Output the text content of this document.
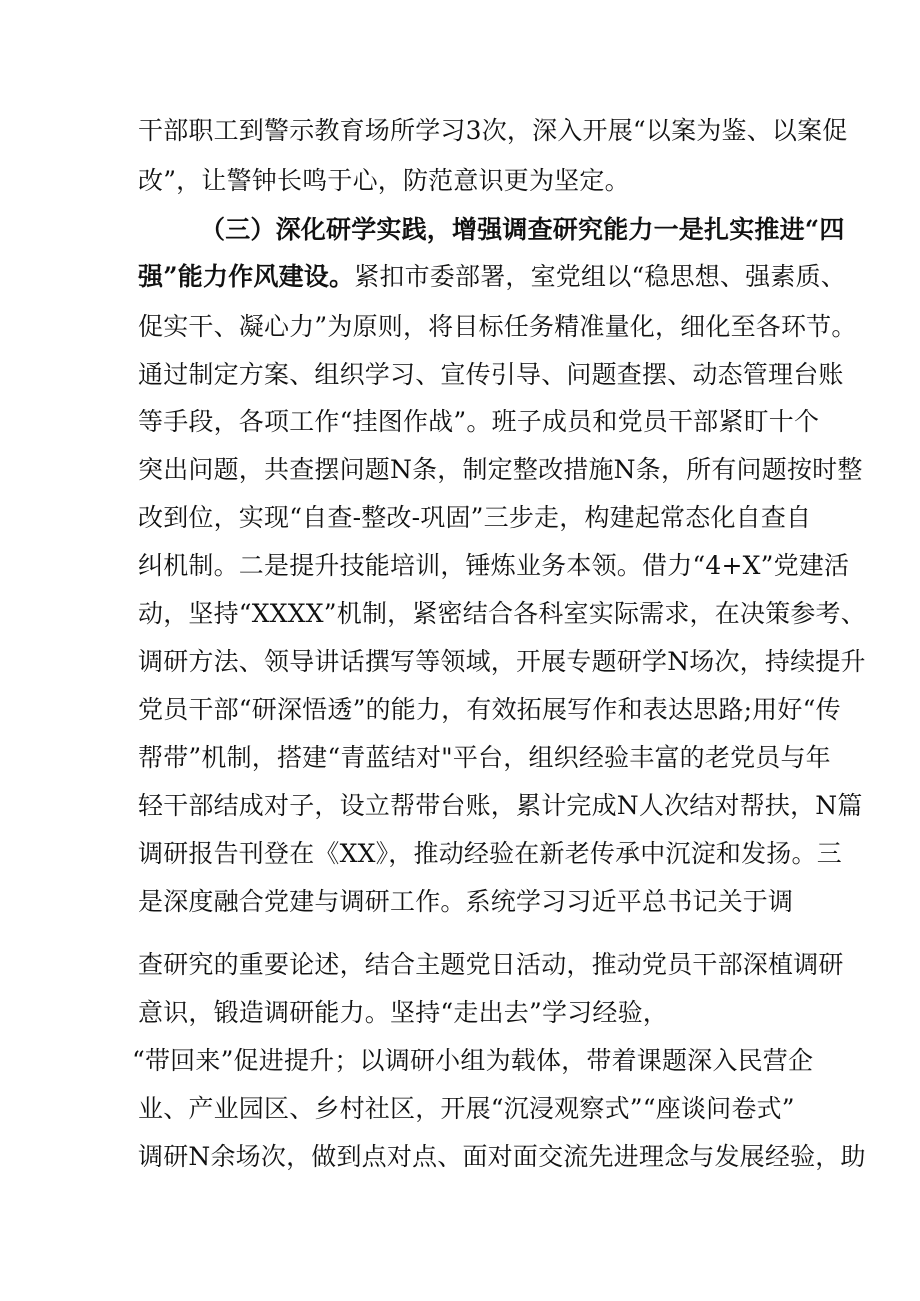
干部职工到警示教育场所学习3次，深入开展“以案为鉴、以案促
改”，让警钟长鸣于心，防范意识更为坚定。
（三）深化研学实践，增强调查研究能力一是扎实推进“四
强”能力作风建设。紧扣市委部署，室党组以“稳思想、强素质、
促实干、凝心力”为原则，将目标任务精准量化，细化至各环节。
通过制定方案、组织学习、宣传引导、问题查摆、动态管理台账
等手段，各项工作“挂图作战”。班子成员和党员干部紧盯十个
突出问题，共查摆问题N条，制定整改措施N条，所有问题按时整
改到位，实现“自查-整改-巩固”三步走，构建起常态化自查自
纠机制。二是提升技能培训，锤炼业务本领。借力“4+X”党建活
动，坚持“XXXX”机制，紧密结合各科室实际需求，在决策参考、
调研方法、领导讲话撰写等领域，开展专题研学N场次，持续提升
党员干部“研深悟透”的能力，有效拓展写作和表达思路;用好“传
帮带”机制，搭建“青蓝结对"平台，组织经验丰富的老党员与年
轻干部结成对子，设立帮带台账，累计完成N人次结对帮扶，N篇
调研报告刊登在《XX》，推动经验在新老传承中沉淀和发扬。三
是深度融合党建与调研工作。系统学习习近平总书记关于调
查研究的重要论述，结合主题党日活动，推动党员干部深植调研
意识，锻造调研能力。坚持“走出去”学习经验，
“带回来”促进提升；以调研小组为载体，带着课题深入民营企
业、产业园区、乡村社区，开展“沉浸观察式”“座谈问卷式”
调研N余场次，做到点对点、面对面交流先进理念与发展经验，助
